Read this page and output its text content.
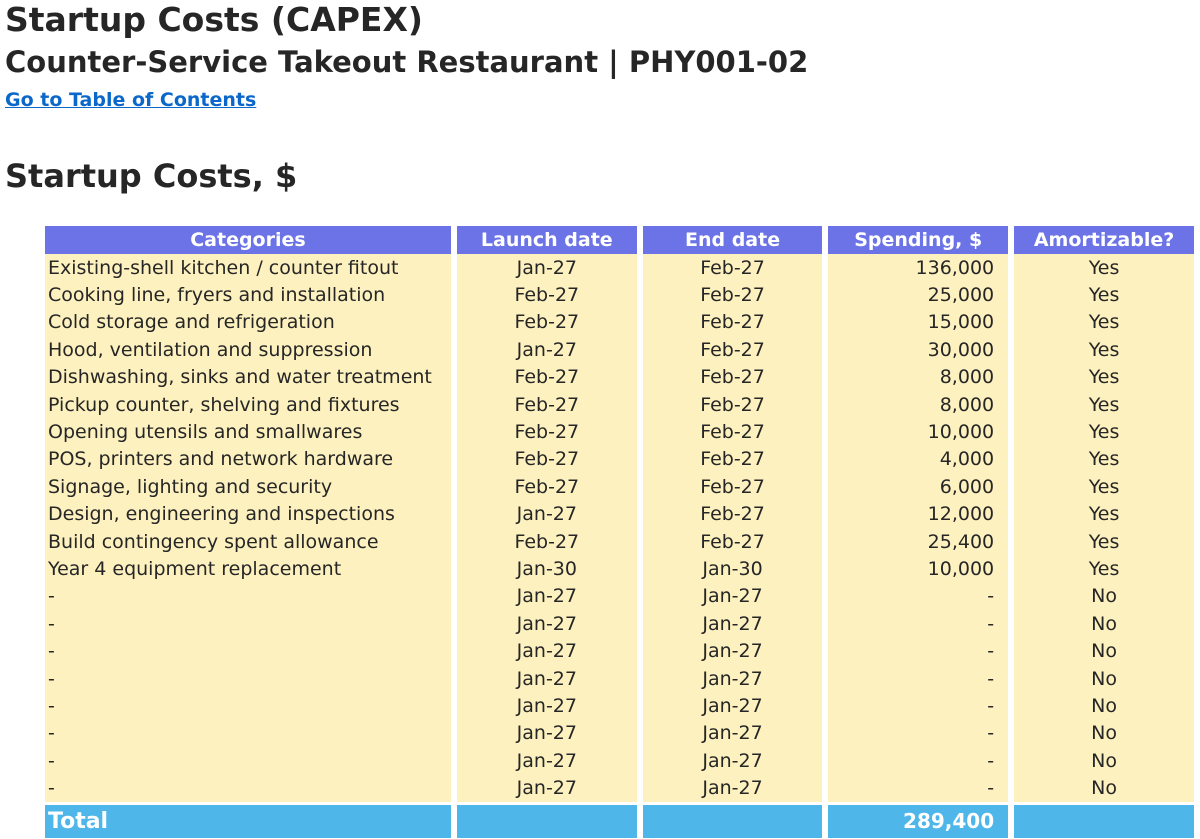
Startup Costs (CAPEX)
Counter-Service Takeout Restaurant | PHY001-02
Go to Table of Contents
Startup Costs, $
Categories	Launch date	End date	Spending, $	Amortizable?
Existing-shell kitchen / counter fitout	Jan-27	Feb-27	136,000	Yes
Cooking line, fryers and installation	Feb-27	Feb-27	25,000	Yes
Cold storage and refrigeration	Feb-27	Feb-27	15,000	Yes
Hood, ventilation and suppression	Jan-27	Feb-27	30,000	Yes
Dishwashing, sinks and water treatment	Feb-27	Feb-27	8,000	Yes
Pickup counter, shelving and fixtures	Feb-27	Feb-27	8,000	Yes
Opening utensils and smallwares	Feb-27	Feb-27	10,000	Yes
POS, printers and network hardware	Feb-27	Feb-27	4,000	Yes
Signage, lighting and security	Feb-27	Feb-27	6,000	Yes
Design, engineering and inspections	Jan-27	Feb-27	12,000	Yes
Build contingency spent allowance	Feb-27	Feb-27	25,400	Yes
Year 4 equipment replacement	Jan-30	Jan-30	10,000	Yes
-	Jan-27	Jan-27	-	No
-	Jan-27	Jan-27	-	No
-	Jan-27	Jan-27	-	No
-	Jan-27	Jan-27	-	No
-	Jan-27	Jan-27	-	No
-	Jan-27	Jan-27	-	No
-	Jan-27	Jan-27	-	No
-	Jan-27	Jan-27	-	No
Total			289,400	
